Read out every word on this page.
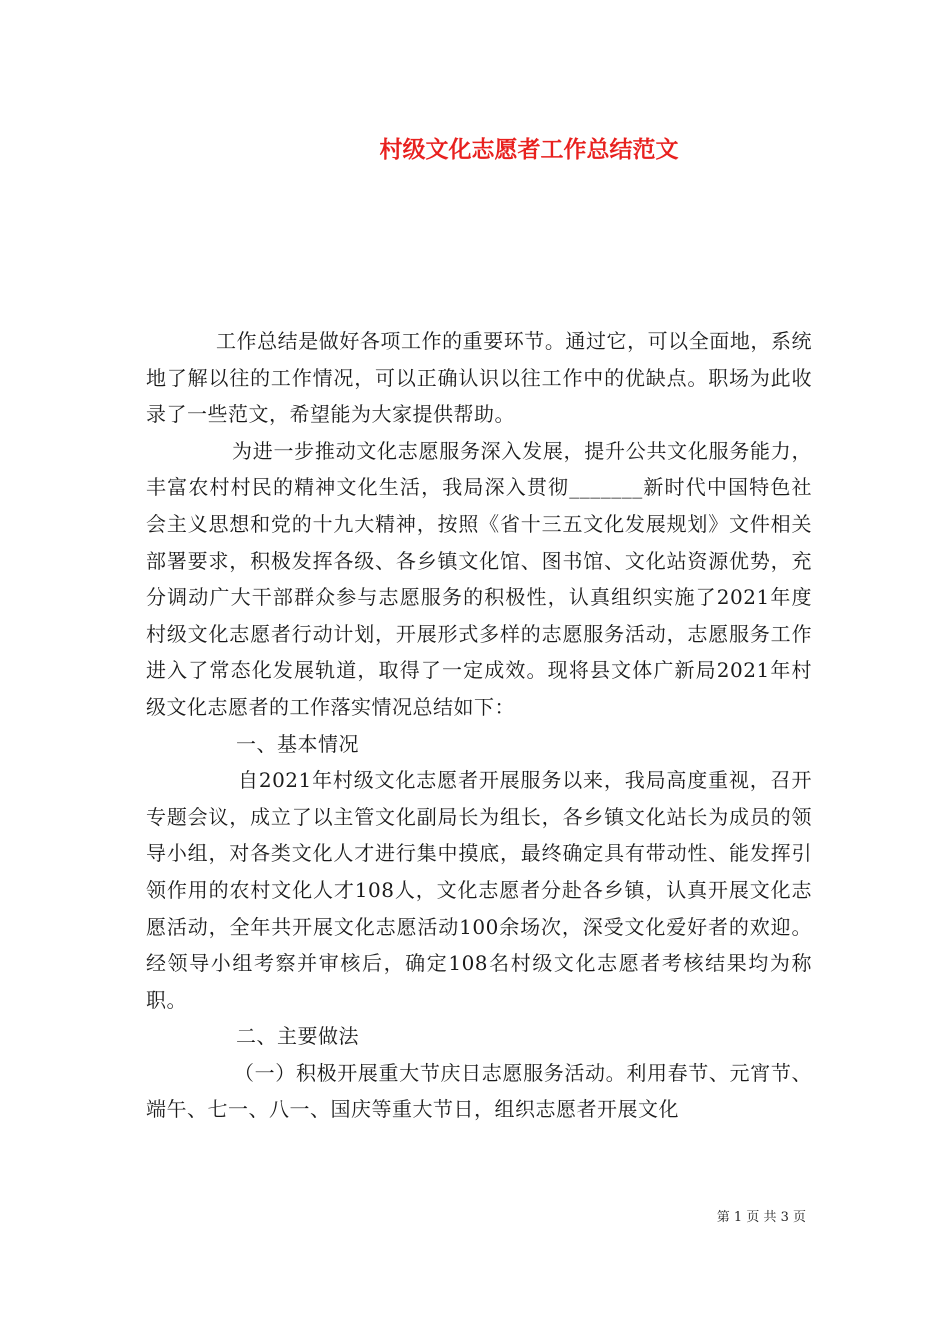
村级文化志愿者工作总结范文

工作总结是做好各项工作的重要环节。通过它，可以全面地，系统地了解以往的工作情况，可以正确认识以往工作中的优缺点。职场为此收录了一些范文，希望能为大家提供帮助。

为进一步推动文化志愿服务深入发展，提升公共文化服务能力，丰富农村村民的精神文化生活，我局深入贯彻_______新时代中国特色社会主义思想和党的十九大精神，按照《省十三五文化发展规划》文件相关部署要求，积极发挥各级、各乡镇文化馆、图书馆、文化站资源优势，充分调动广大干部群众参与志愿服务的积极性，认真组织实施了2021年度村级文化志愿者行动计划，开展形式多样的志愿服务活动，志愿服务工作进入了常态化发展轨道，取得了一定成效。现将县文体广新局2021年村级文化志愿者的工作落实情况总结如下：

一、基本情况

自2021年村级文化志愿者开展服务以来，我局高度重视，召开专题会议，成立了以主管文化副局长为组长，各乡镇文化站长为成员的领导小组，对各类文化人才进行集中摸底，最终确定具有带动性、能发挥引领作用的农村文化人才108人，文化志愿者分赴各乡镇，认真开展文化志愿活动，全年共开展文化志愿活动100余场次，深受文化爱好者的欢迎。经领导小组考察并审核后，确定108名村级文化志愿者考核结果均为称职。

二、主要做法

（一）积极开展重大节庆日志愿服务活动。利用春节、元宵节、端午、七一、八一、国庆等重大节日，组织志愿者开展文化

第 1 页 共 3 页
